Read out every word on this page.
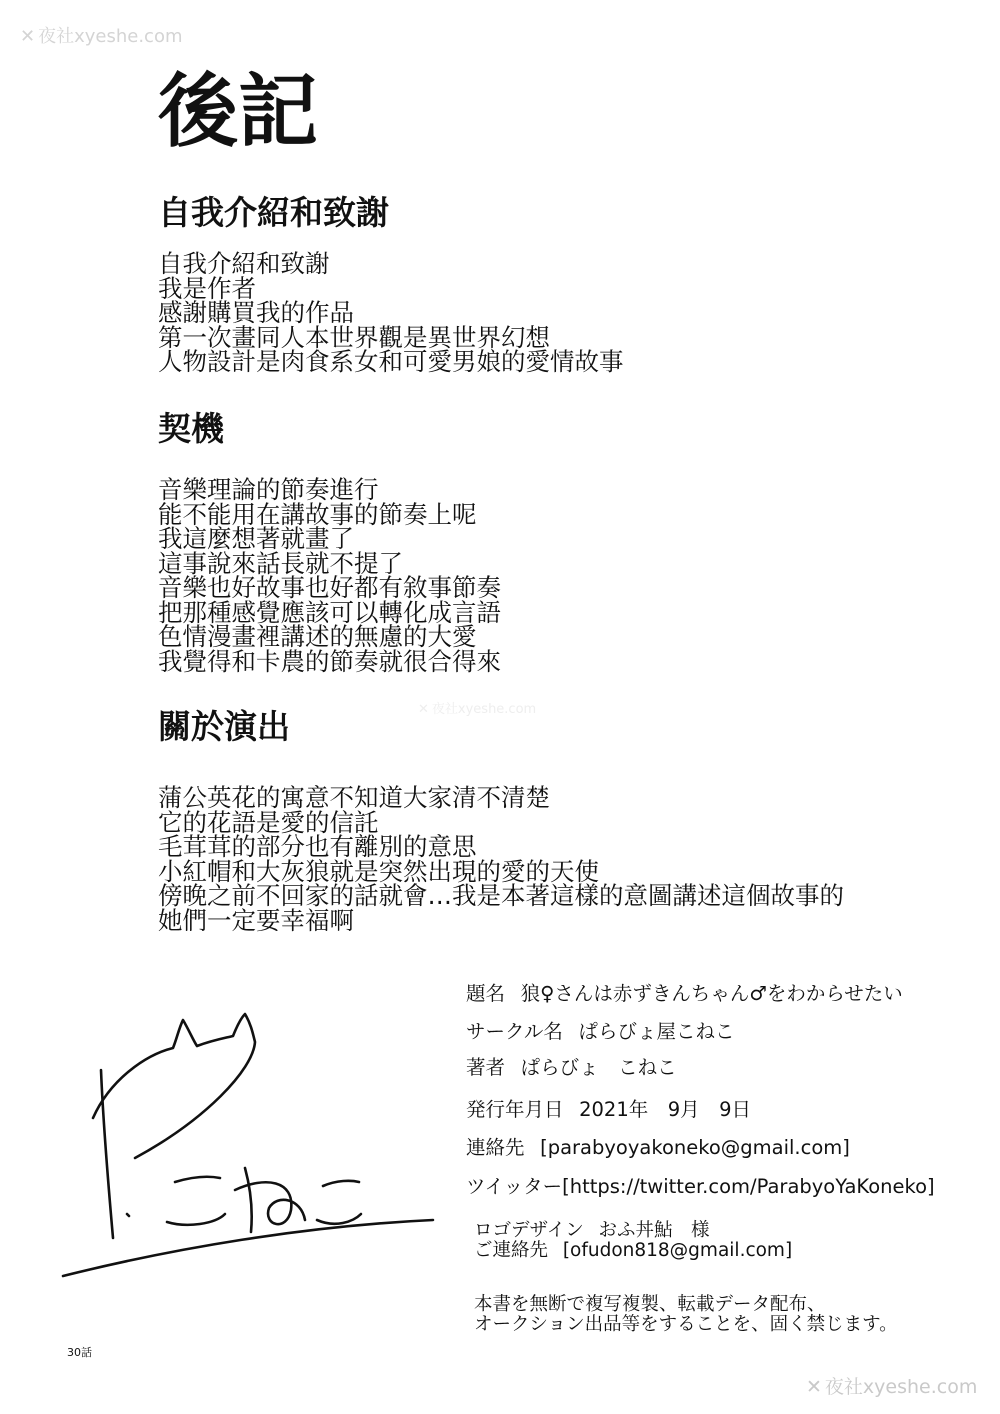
✕ 夜社xyeshe.com
✕ 夜社xyeshe.com
✕ 夜社xyeshe.com
後記
自我介紹和致謝
自我介紹和致謝
我是作者
感謝購買我的作品
第一次畫同人本世界觀是異世界幻想
人物設計是肉食系女和可愛男娘的愛情故事
契機
音樂理論的節奏進行
能不能用在講故事的節奏上呢
我這麼想著就畫了
這事說來話長就不提了
音樂也好故事也好都有敘事節奏
把那種感覺應該可以轉化成言語
色情漫畫裡講述的無慮的大愛
我覺得和卡農的節奏就很合得來
關於演出
蒲公英花的寓意不知道大家清不清楚
它的花語是愛的信託
毛茸茸的部分也有離別的意思
小紅帽和大灰狼就是突然出現的愛的天使
傍晚之前不回家的話就會…我是本著這樣的意圖講述這個故事的
她們一定要幸福啊
題名 狼♀さんは赤ずきんちゃん♂をわからせたい
サークル名 ぱらびょ屋こねこ
著者 ぱらびょ　こねこ
発行年月日 2021年　9月　9日
連絡先 [parabyoyakoneko@gmail.com]
ツイッター[https://twitter.com/ParabyoYaKoneko]
ロゴデザイン おふ丼鮎　様
ご連絡先 [ofudon818@gmail.com]
本書を無断で複写複製、転載データ配布、
オークション出品等をすることを、固く禁じます。
30話
